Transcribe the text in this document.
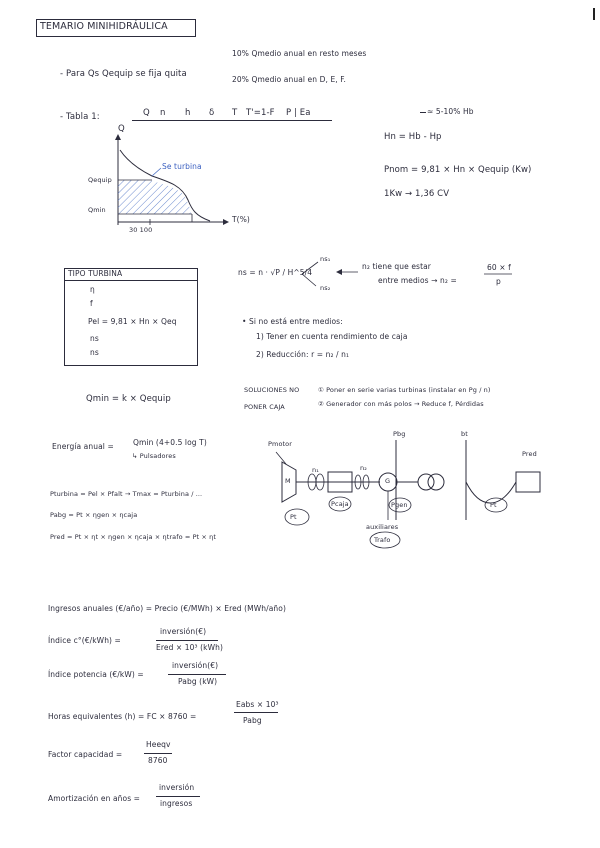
TEMARIO MINIHIDRÁULICA
- Para Qs Qequip se fija quita
10% Qmedio anual en resto meses
20% Qmedio anual en D, E, F.
- Tabla 1:	Q n h δ T T'=1-F P | Ea
Q
T(%)
Se turbina
Qequip
Qmin
30 100
≈ 5-10% Hb
Hn = Hb - Hp
Pnom = 9,81 × Hn × Qequip (Kw)
1Kw → 1,36 CV
TIPO TURBINA
η
f
Pel = 9,81 × Hn × Qeq
ns
ns
Qmin = k × Qequip
ns = n · √P / H^5/4
ns₁
ns₂
n₂ tiene que estar
entre medios → n₂ =
60 × f
p
• Si no está entre medios:
1) Tener en cuenta rendimiento de caja
2) Reducción: r = n₂ / n₁
SOLUCIONES NO
PONER CAJA
① Poner en serie varias turbinas (instalar en Pg / n)
② Generador con más polos → Reduce f, Pérdidas
Energía anual =	Qmin (4+0.5 log T)
↳ Pulsadores
Pturbina = Pel × Pfalt → Tmax = Pturbina / ...
Pabg = Pt × ηgen × ηcaja
Pred = Pt × ηt × ηgen × ηcaja × ηtrafo = Pt × ηt
Pmotor
n₁	n₂
Pbg
M	G
Pt
Pcaja	Pgen
Pred
Pt
bt
auxiliares
Trafo
Ingresos anuales (€/año) = Precio (€/MWh) × Ered (MWh/año)
Índice c°(€/kWh) =
inversión(€)
Ered × 10³ (kWh)
Índice potencia (€/kW) =
inversión(€)
Pabg (kW)
Horas equivalentes (h) = FC × 8760 =
Eabs × 10³
Pabg
Factor capacidad =
Heeqv
8760
Amortización en años =
inversión
ingresos
